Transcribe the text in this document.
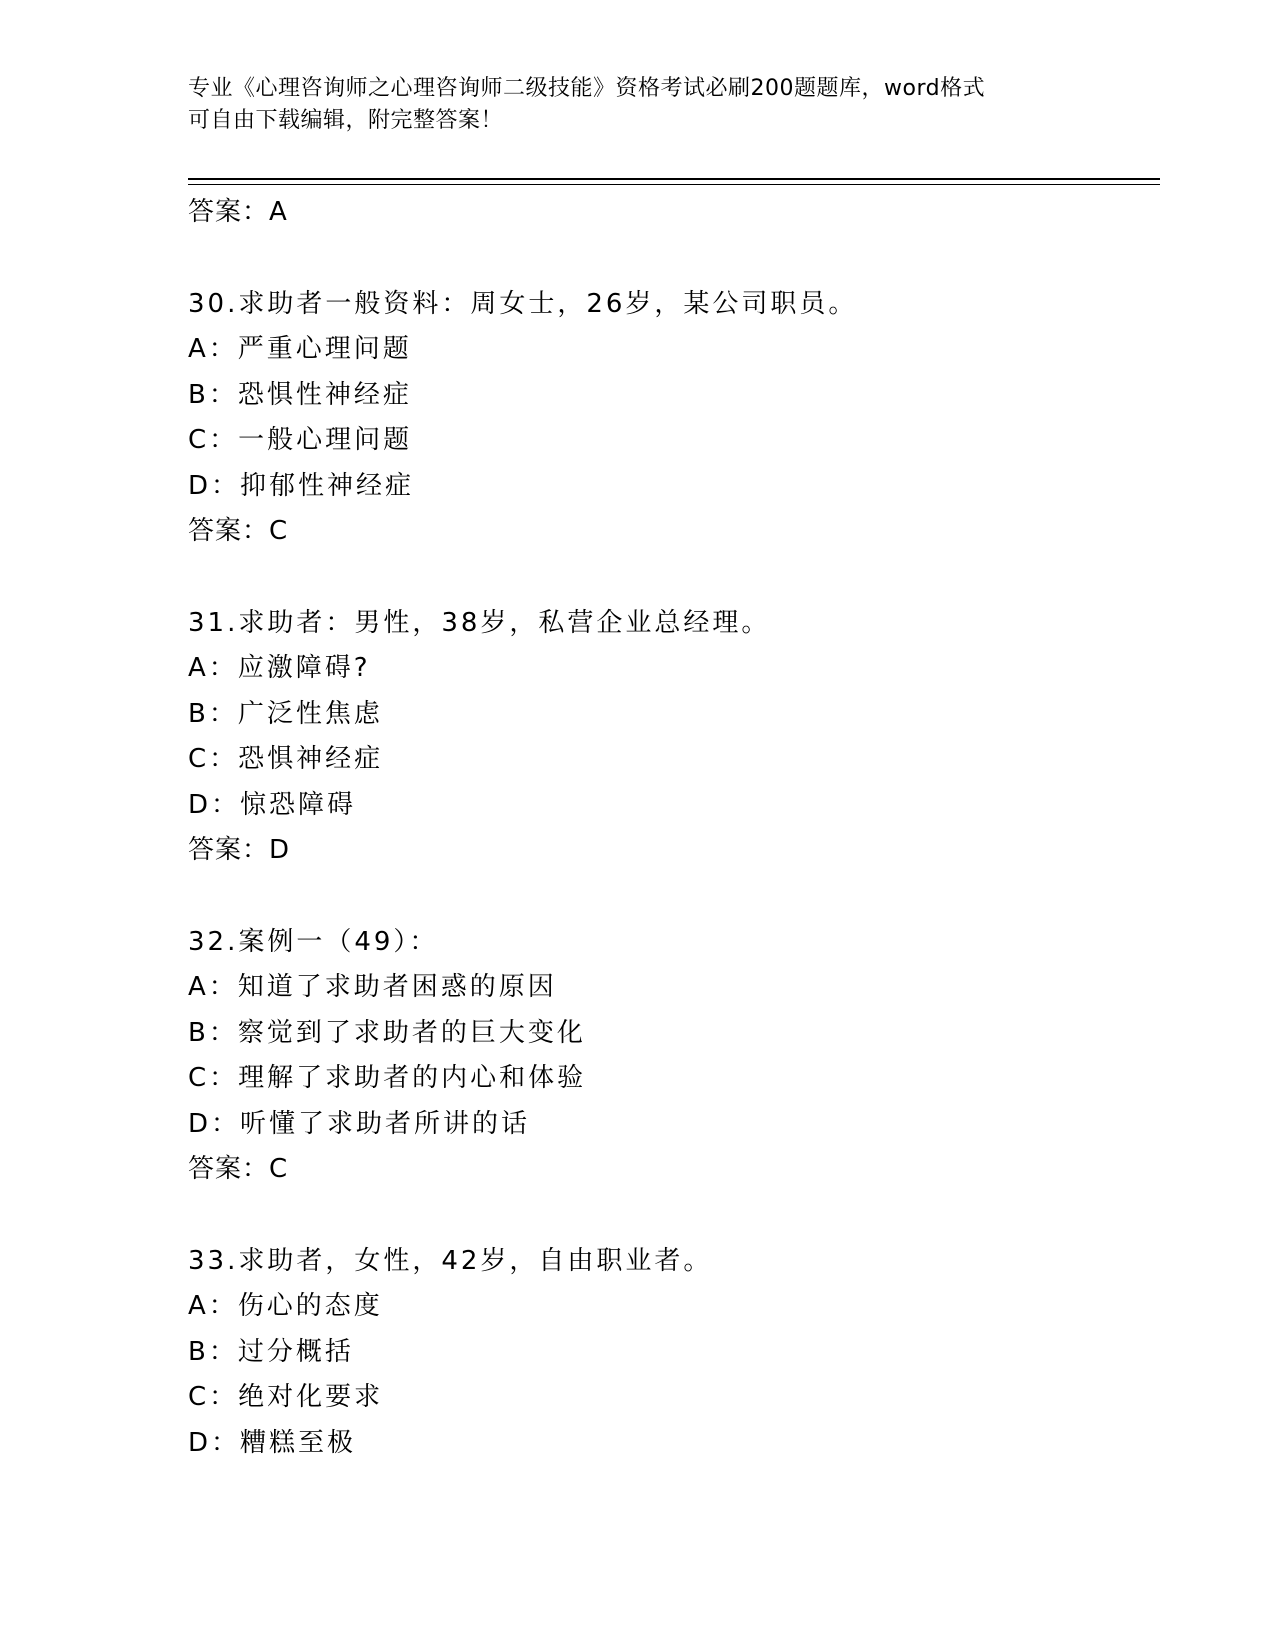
专业《心理咨询师之心理咨询师二级技能》资格考试必刷200题题库，word格式
可自由下载编辑，附完整答案！
答案：A
30.求助者一般资料：周女士，26岁，某公司职员。
A：严重心理问题
B：恐惧性神经症
C：一般心理问题
D：抑郁性神经症
答案：C
31.求助者：男性，38岁，私营企业总经理。
A：应激障碍?
B：广泛性焦虑
C：恐惧神经症
D：惊恐障碍
答案：D
32.案例一（49）：
A：知道了求助者困惑的原因
B：察觉到了求助者的巨大变化
C：理解了求助者的内心和体验
D：听懂了求助者所讲的话
答案：C
33.求助者，女性，42岁，自由职业者。
A：伤心的态度
B：过分概括
C：绝对化要求
D：糟糕至极
